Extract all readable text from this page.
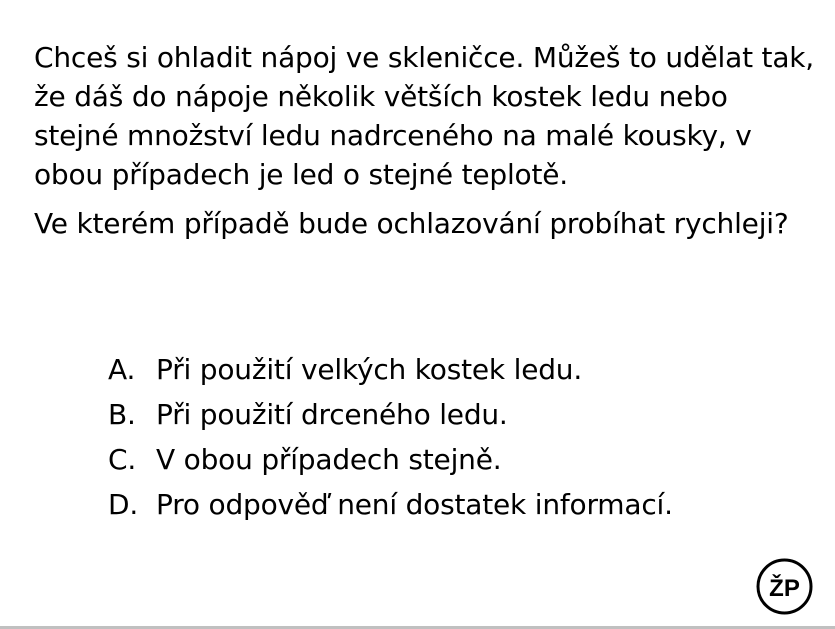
Chceš si ohladit nápoj ve skleničce. Můžeš to udělat tak, že dáš do nápoje několik větších kostek ledu nebo stejné množství ledu nadrceného na malé kousky, v obou případech je led o stejné teplotě.

Ve kterém případě bude ochlazování probíhat rychleji?

A. Při použití velkých kostek ledu.
B. Při použití drceného ledu.
C. V obou případech stejně.
D. Pro odpověď není dostatek informací.
ŽP
